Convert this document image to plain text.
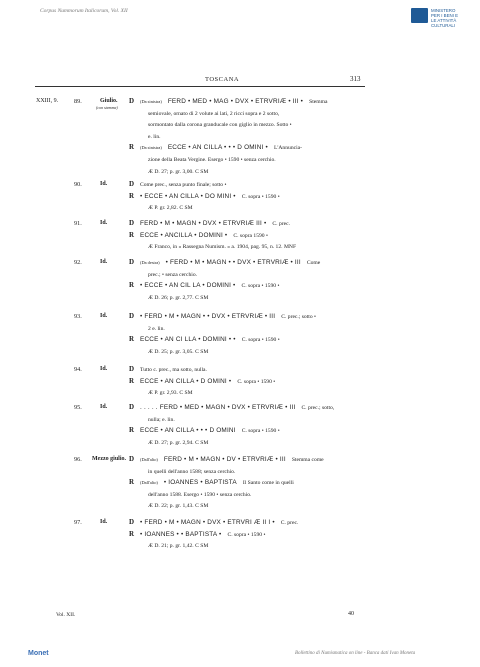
Corpus Nummorum Italicorum, Vol. XII	MINISTERO
PER I BENI E
LE ATTIVITÀ
CULTURALI
TOSCANA	313
XXIII, 9.	89.	Giulio.
(con stemma)
D (Da sinistra) FERD • MED • MAG • DVX • ETRVRIÆ • III • Stemma
semiovale, ornato di 2 volute ai lati, 2 ricci sopra e 2 sotto,
sormontato dalla corona granducale con giglio in mezzo. Sotto •
e. lin.
R (Da sinistra) ECCE • AN CILLA • • • D OMINI • L'Annuncia-
zione della Beata Vergine. Esergo • 1590 • senza cerchio.
Æ D. 27; p. gr. 3,00. C SM
90.	Id.	D Come prec., senza punto finale; sotto •
R • ECCE • AN CILLA • DO MINI • C. sopra • 1590 •
Æ P. gr. 2,82. C SM
91.	Id.	D FERD • M • MAGN • DVX • ETRVRIÆ III • C. prec.
R ECCE • ANCILLA • DOMINI • C. sopra 1590 •
Æ Franco, in « Rassegna Numism. » a. 1904, pag. 95, n. 12. MNF
92.	Id.	D (Da destra) • FERD • M • MAGN • • DVX • ETRVRIÆ • III Come
prec.; • senza cerchio.
R • ECCE • AN CIL LA • DOMINI • C. sopra • 1590 •
Æ D. 26; p. gr. 2,77. C SM
93.	Id.	D • FERD • M • MAGN • • DVX • ETRVRIÆ • III C. prec.; sotto •
2 e. lin.
R ECCE • AN CI LLA • DOMINI • • C. sopra • 1590 •
Æ D. 25; p. gr. 3,05. C SM
94.	Id.	D Tutto c. prec., ma sotto, nulla.
R ECCE • AN CILLA • D OMINI • C. sopra • 1590 •
Æ P. gr. 2,93. C SM
95.	Id.	D . . . . . FERD • MED • MAGN • DVX • ETRVRIÆ • III C. prec.; sotto,
nulla; e. lin.
R ECCE • AN CILLA • • • D OMINI C. sopra • 1590 •
Æ D. 27; p. gr. 2,94. C SM
96. Mezzo giulio. D (Dall'alto) FERD • M • MAGN • DV • ETRVRIÆ • III Stemma come
in quelli dell'anno 1588; senza cerchio.
R (Dall'alto) • IOANNES • BAPTISTA Il Santo come in quelli
dell'anno 1588. Esergo • 1590 • senza cerchio.
Æ D. 22; p. gr. 1,43. C SM
97.	Id.	D • FERD • M • MAGN • DVX • ETRVRI Æ II I • C. prec.
R • IOANNES • • BAPTISTA • C. sopra • 1590 •
Æ D. 21; p. gr. 1,42. C SM
Vol. XII.	40
Monet	Bollettino di Numismatica on line - Banca dati Ivan Moneta
